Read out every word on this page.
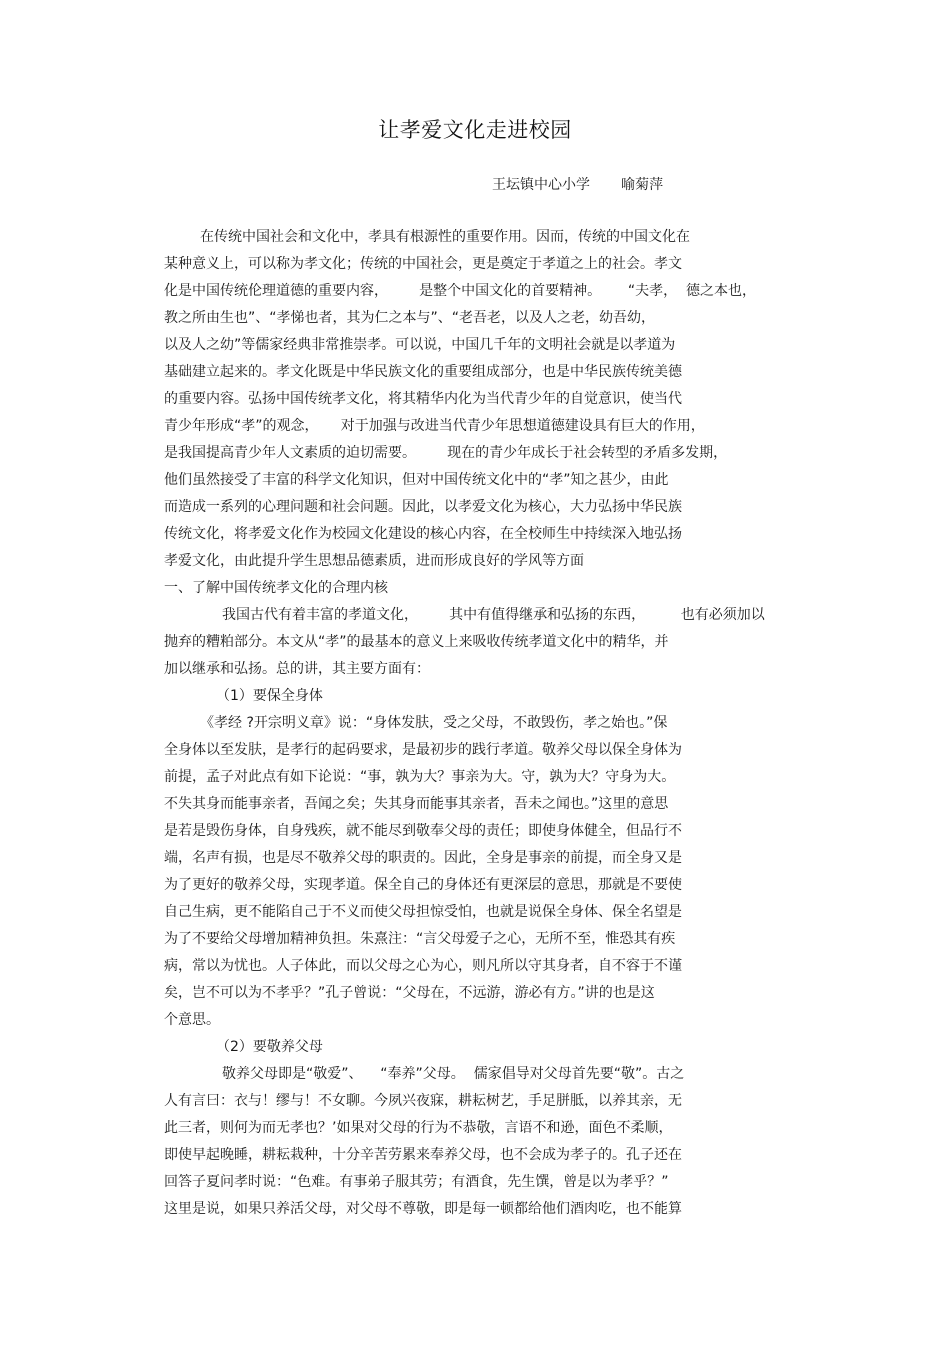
让孝爱文化走进校园
王坛镇中心小学       喻菊萍
在传统中国社会和文化中，孝具有根源性的重要作用。因而，传统的中国文化在
某种意义上，可以称为孝文化；传统的中国社会，更是奠定于孝道之上的社会。孝文
化是中国传统伦理道德的重要内容，       是整个中国文化的首要精神。      “夫孝，  德之本也，
教之所由生也”、“孝悌也者，其为仁之本与”、“老吾老，以及人之老，幼吾幼，
以及人之幼”等儒家经典非常推崇孝。可以说，中国几千年的文明社会就是以孝道为
基础建立起来的。孝文化既是中华民族文化的重要组成部分，也是中华民族传统美德
的重要内容。弘扬中国传统孝文化，将其精华内化为当代青少年的自觉意识，使当代
青少年形成“孝”的观念，     对于加强与改进当代青少年思想道德建设具有巨大的作用，
是我国提高青少年人文素质的迫切需要。       现在的青少年成长于社会转型的矛盾多发期，
他们虽然接受了丰富的科学文化知识，但对中国传统文化中的“孝”知之甚少，由此
而造成一系列的心理问题和社会问题。因此，以孝爱文化为核心，大力弘扬中华民族
传统文化，将孝爱文化作为校园文化建设的核心内容，在全校师生中持续深入地弘扬
孝爱文化，由此提升学生思想品德素质，进而形成良好的学风等方面
一、了解中国传统孝文化的合理内核
我国古代有着丰富的孝道文化，       其中有值得继承和弘扬的东西，        也有必须加以
抛弃的糟粕部分。本文从“孝”的最基本的意义上来吸收传统孝道文化中的精华，并
加以继承和弘扬。总的讲，其主要方面有：
（1）要保全身体
《孝经 ?开宗明义章》说：“身体发肤，受之父母，不敢毁伤，孝之始也。”保
全身体以至发肤，是孝行的起码要求，是最初步的践行孝道。敬养父母以保全身体为
前提，孟子对此点有如下论说：“事，孰为大？事亲为大。守，孰为大？守身为大。
不失其身而能事亲者，吾闻之矣；失其身而能事其亲者，吾未之闻也。”这里的意思
是若是毁伤身体，自身残疾，就不能尽到敬奉父母的责任；即使身体健全，但品行不
端，名声有损，也是尽不敬养父母的职责的。因此，全身是事亲的前提，而全身又是
为了更好的敬养父母，实现孝道。保全自己的身体还有更深层的意思，那就是不要使
自己生病，更不能陷自己于不义而使父母担惊受怕，也就是说保全身体、保全名望是
为了不要给父母增加精神负担。朱熹注：“言父母爱子之心，无所不至，惟恐其有疾
病，常以为忧也。人子体此，而以父母之心为心，则凡所以守其身者，自不容于不谨
矣，岂不可以为不孝乎？”孔子曾说：“父母在，不远游，游必有方。”讲的也是这
个意思。
（2）要敬养父母
敬养父母即是“敬爱”、    “奉养”父母。  儒家倡导对父母首先要“敬”。古之
人有言曰：衣与！缪与！不女聊。今夙兴夜寐，耕耘树艺，手足胼胝，以养其亲，无
此三者，则何为而无孝也？’如果对父母的行为不恭敬，言语不和逊，面色不柔顺，
即使早起晚睡，耕耘栽种，十分辛苦劳累来奉养父母，也不会成为孝子的。孔子还在
回答子夏问孝时说：“色难。有事弟子服其劳；有酒食，先生馔，曾是以为孝乎？”
这里是说，如果只养活父母，对父母不尊敬，即是每一顿都给他们酒肉吃，也不能算
